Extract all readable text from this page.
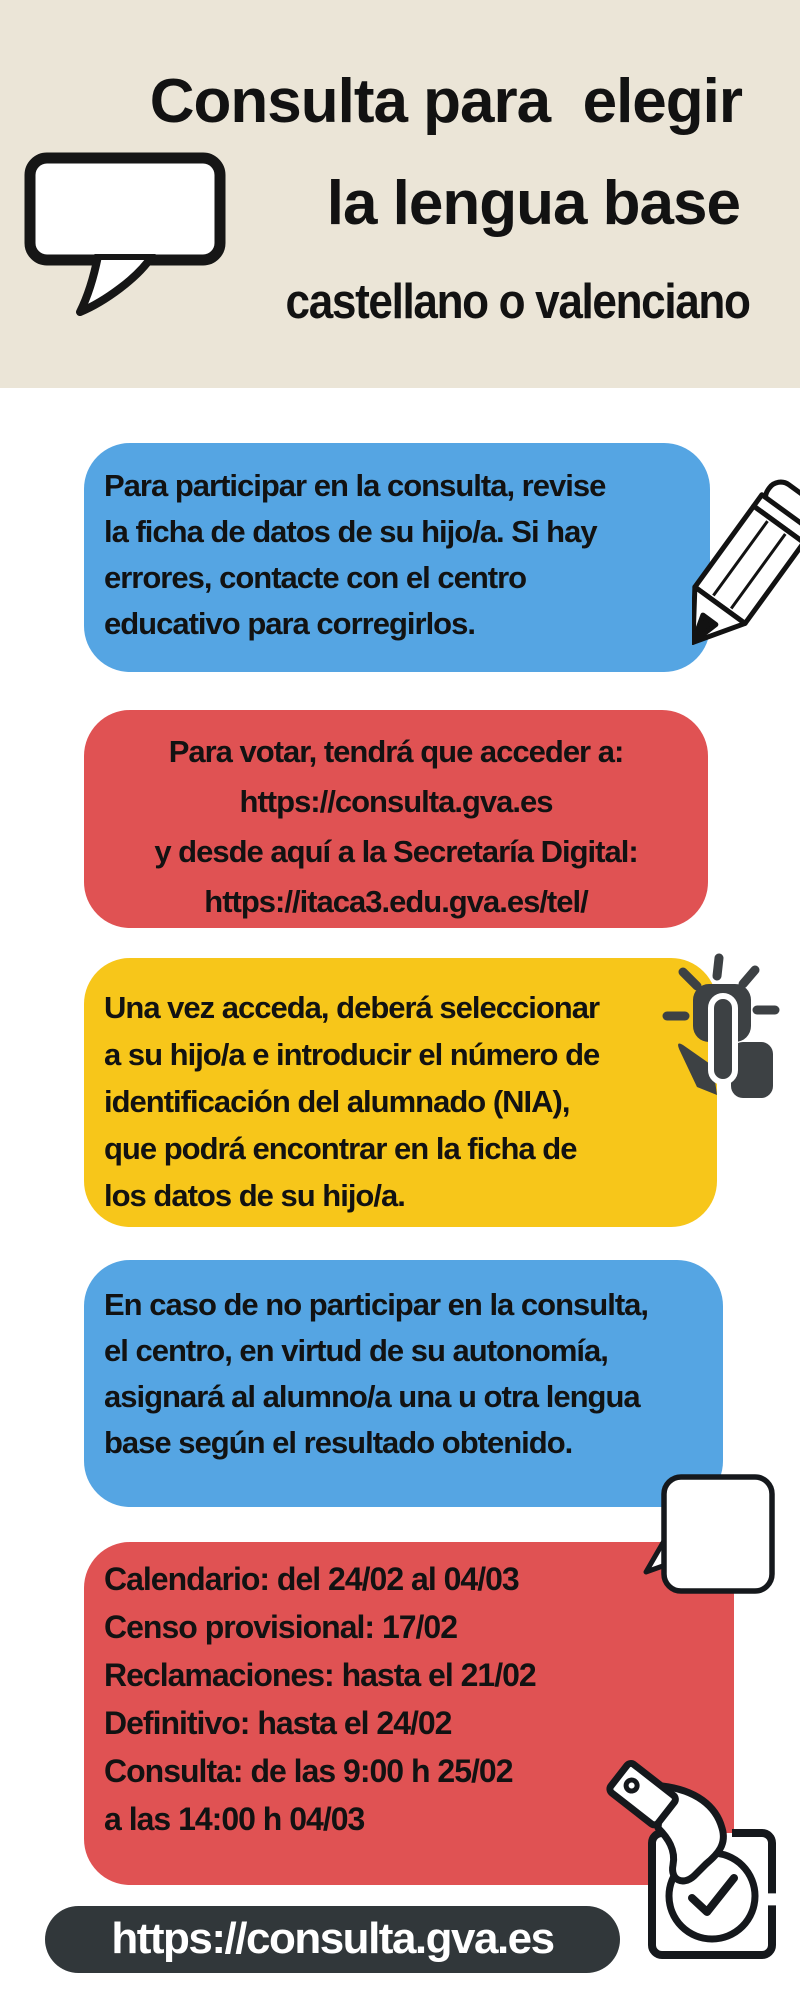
Consulta para  elegir
la lengua base
castellano o valenciano
Para participar en la consulta, revise
la ficha de datos de su hijo/a. Si hay
errores, contacte con el centro
educativo para corregirlos.
Para votar, tendrá que acceder a:
https://consulta.gva.es
y desde aquí a la Secretaría Digital:
https://itaca3.edu.gva.es/tel/
Una vez acceda, deberá seleccionar
a su hijo/a e introducir el número de
identificación del alumnado (NIA),
que podrá encontrar en la ficha de
los datos de su hijo/a.
En caso de no participar en la consulta,
el centro, en virtud de su autonomía,
asignará al alumno/a una u otra lengua
base según el resultado obtenido.
Calendario: del 24/02 al 04/03
Censo provisional: 17/02
Reclamaciones: hasta el 21/02
Definitivo: hasta el 24/02
Consulta: de las 9:00 h 25/02
a las 14:00 h 04/03
https://consulta.gva.es
